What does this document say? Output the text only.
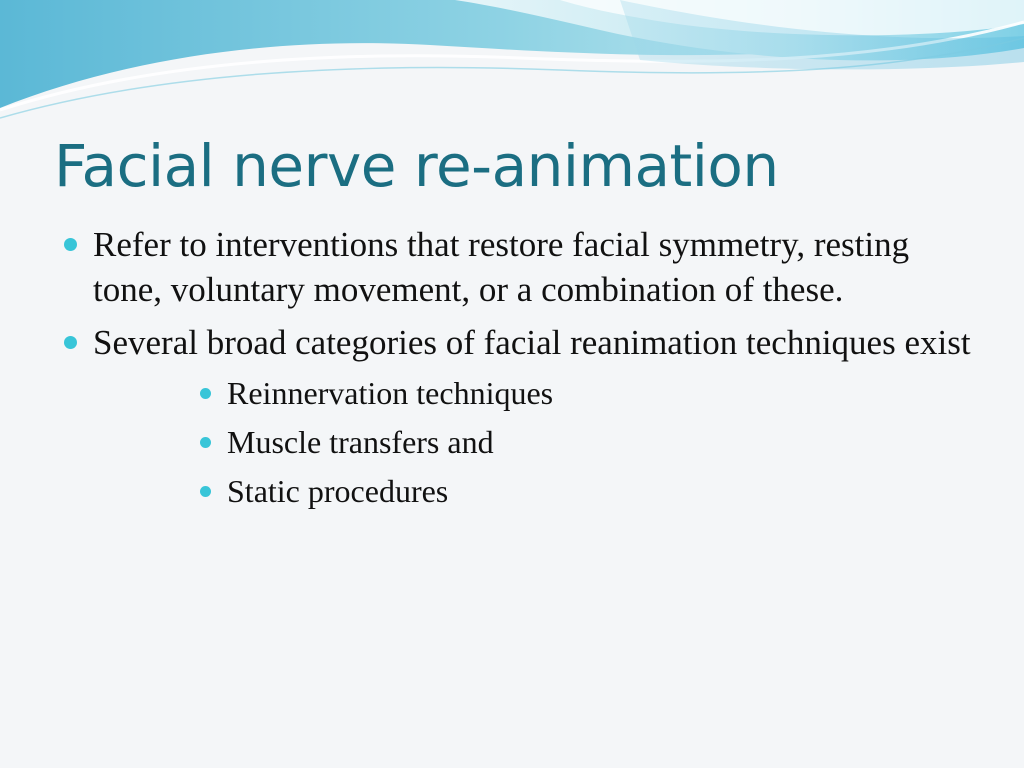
Facial nerve re-animation
Refer to interventions that restore facial symmetry, resting tone, voluntary movement, or a combination of these.
Several broad categories of facial reanimation techniques exist
Reinnervation techniques
Muscle transfers and
Static procedures
